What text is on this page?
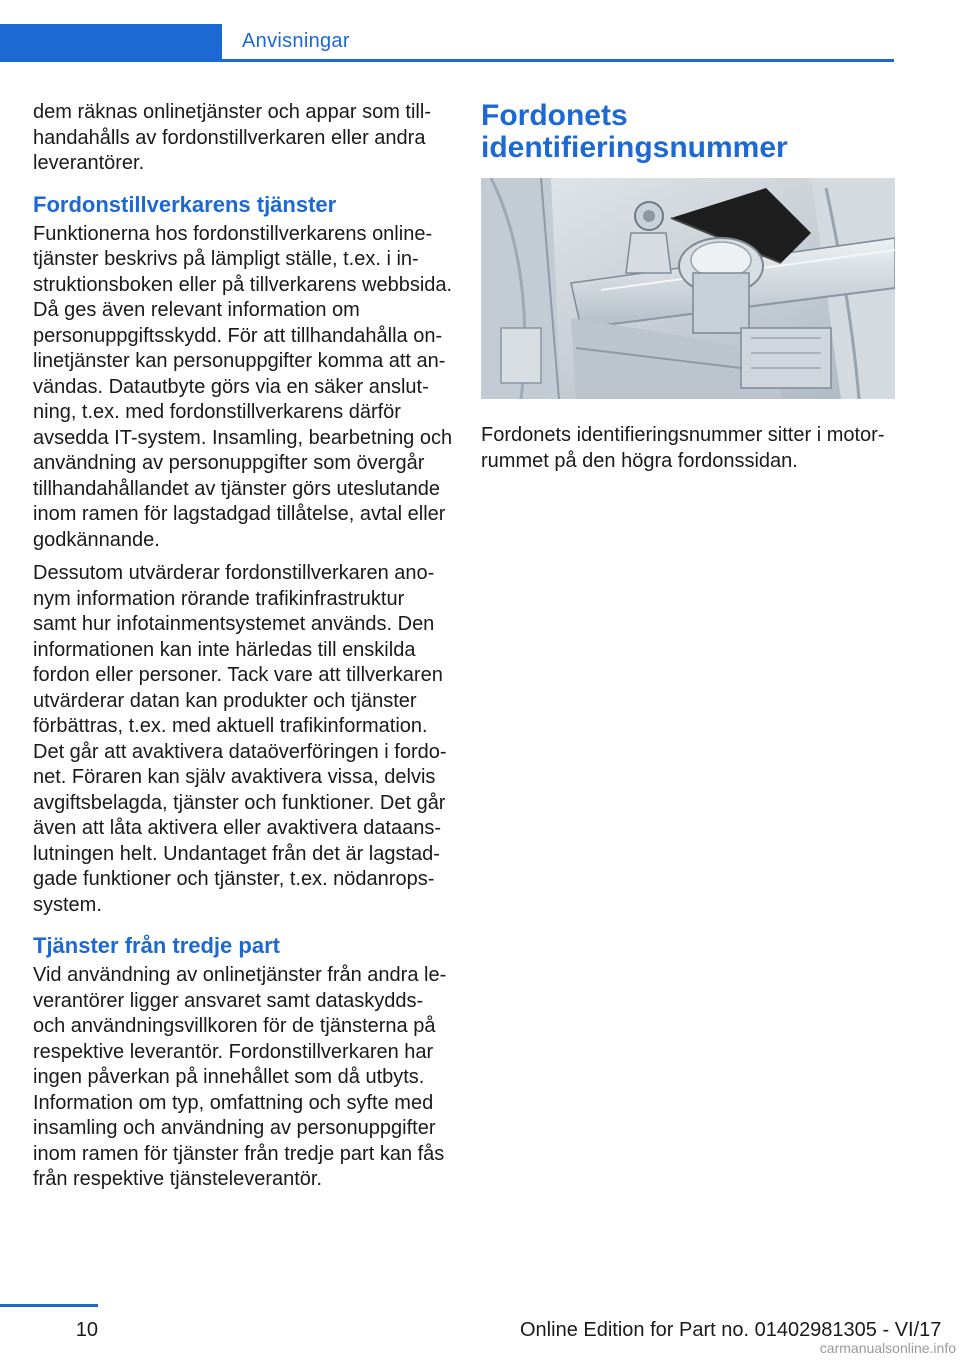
Anvisningar

dem räknas onlinetjänster och appar som tillhandahålls av fordonstillverkaren eller andra leverantörer.

Fordonstillverkarens tjänster

Funktionerna hos fordonstillverkarens onlinetjänster beskrivs på lämpligt ställe, t.ex. i instruktionsboken eller på tillverkarens webbsida. Då ges även relevant information om personuppgiftsskydd. För att tillhandahålla onlinetjänster kan personuppgifter komma att användas. Datautbyte görs via en säker anslutning, t.ex. med fordonstillverkarens därför avsedda IT-system. Insamling, bearbetning och användning av personuppgifter som övergår tillhandahållandet av tjänster görs uteslutande inom ramen för lagstadgad tillåtelse, avtal eller godkännande.

Dessutom utvärderar fordonstillverkaren anonym information rörande trafikinfrastruktur samt hur infotainmentsystemet används. Den informationen kan inte härledas till enskilda fordon eller personer. Tack vare att tillverkaren utvärderar datan kan produkter och tjänster förbättras, t.ex. med aktuell trafikinformation. Det går att avaktivera dataöverföringen i fordonet. Föraren kan själv avaktivera vissa, delvis avgiftsbelagda, tjänster och funktioner. Det går även att låta aktivera eller avaktivera dataanslutningen helt. Undantaget från det är lagstadgade funktioner och tjänster, t.ex. nödanropssystem.

Tjänster från tredje part

Vid användning av onlinetjänster från andra leverantörer ligger ansvaret samt dataskydds- och användningsvillkoren för de tjänsterna på respektive leverantör. Fordonstillverkaren har ingen påverkan på innehållet som då utbyts. Information om typ, omfattning och syfte med insamling och användning av personuppgifter inom ramen för tjänster från tredje part kan fås från respektive tjänsteleverantör.

Fordonets identifieringsnummer

Fordonets identifieringsnummer sitter i motorrummet på den högra fordonssidan.

10	Online Edition for Part no. 01402981305 - VI/17
carmanualsonline.info
